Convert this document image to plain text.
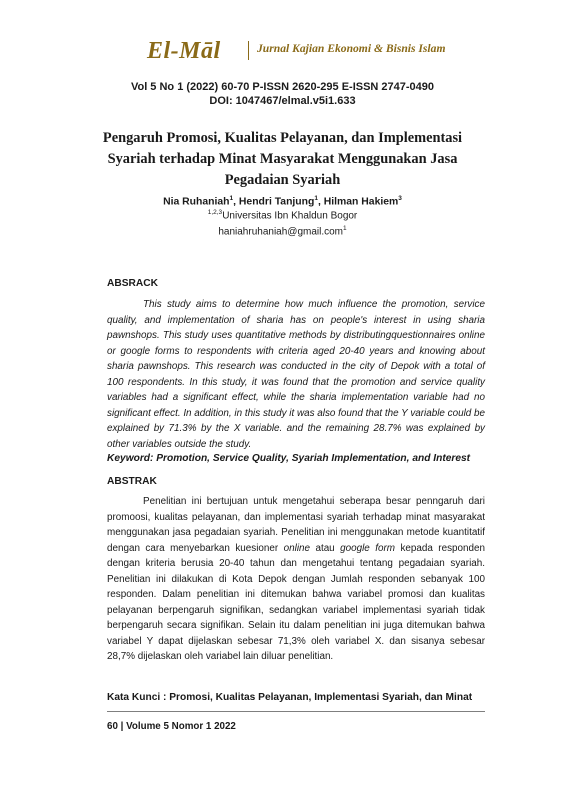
El-Māl	Jurnal Kajian Ekonomi & Bisnis Islam
Vol 5 No 1 (2022) 60-70 P-ISSN 2620-295 E-ISSN 2747-0490
DOI: 1047467/elmal.v5i1.633
Pengaruh Promosi, Kualitas Pelayanan, dan Implementasi Syariah terhadap Minat Masyarakat Menggunakan Jasa Pegadaian Syariah
Nia Ruhaniah$^1$, Hendri Tanjung$^1$, Hilman Hakiem$^3$
$^{1,2,3}$Universitas Ibn Khaldun Bogor
haniahruhaniah@gmail.com$^1$
ABSRACK
This study aims to determine how much influence the promotion, service quality, and implementation of sharia has on people's interest in using sharia pawnshops. This study uses quantitative methods by distributingquestionnaires online or google forms to respondents with criteria aged 20-40 years and knowing about sharia pawnshops. This research was conducted in the city of Depok with a total of 100 respondents. In this study, it was found that the promotion and service quality variables had a significant effect, while the sharia implementation variable had no significant effect. In addition, in this study it was also found that the Y variable could be explained by 71.3% by the X variable. and the remaining 28.7% was explained by other variables outside the study.
Keyword: Promotion, Service Quality, Syariah Implementation, and Interest
ABSTRAK
Penelitian ini bertujuan untuk mengetahui seberapa besar penngaruh dari promoosi, kualitas pelayanan, dan implementasi syariah terhadap minat masyarakat menggunakan jasa pegadaian syariah. Penelitian ini menggunakan metode kuantitatif dengan cara menyebarkan kuesioner online atau google form kepada responden dengan kriteria berusia 20-40 tahun dan mengetahui tentang pegadaian syariah. Penelitian ini dilakukan di Kota Depok dengan Jumlah responden sebanyak 100 responden. Dalam penelitian ini ditemukan bahwa variabel promosi dan kualitas pelayanan berpengaruh signifikan, sedangkan variabel implementasi syariah tidak berpengaruh secara signifikan. Selain itu dalam penelitian ini juga ditemukan bahwa variabel Y dapat dijelaskan sebesar 71,3% oleh variabel X. dan sisanya sebesar 28,7% dijelaskan oleh variabel lain diluar penelitian.
Kata Kunci : Promosi, Kualitas Pelayanan, Implementasi Syariah, dan Minat
60 | Volume 5 Nomor 1 2022
